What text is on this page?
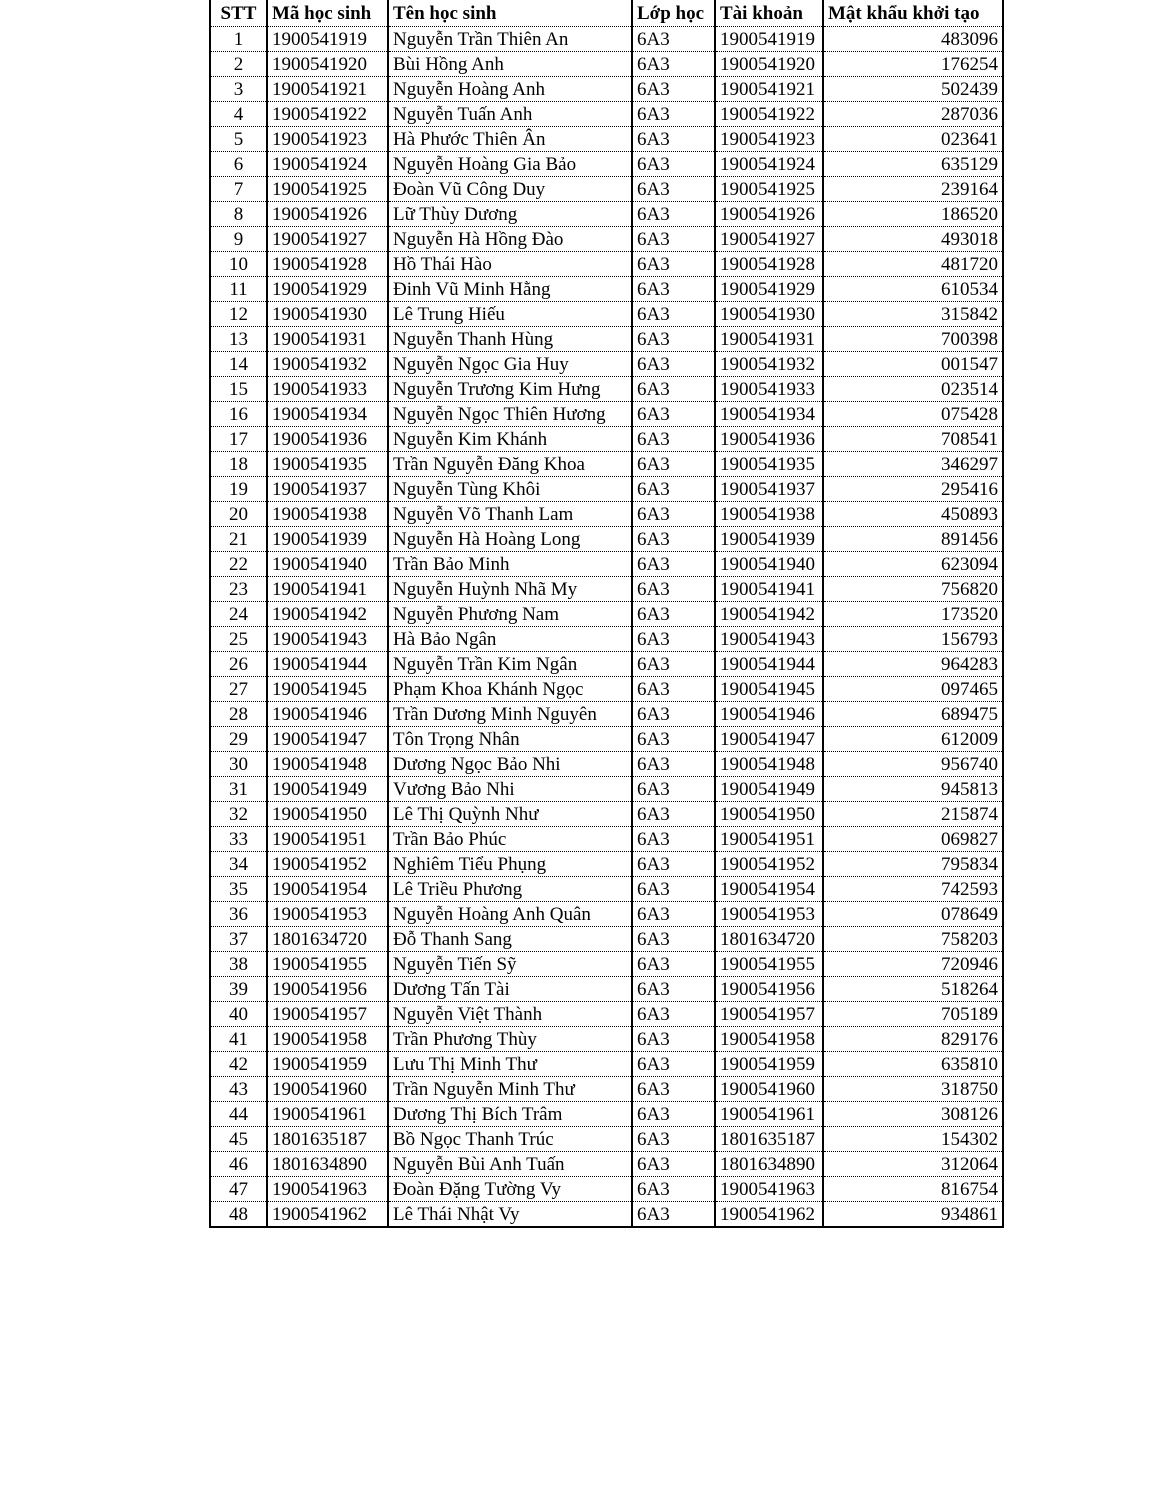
STT	Mã học sinh	Tên học sinh	Lớp học	Tài khoản	Mật khẩu khởi tạo
1	1900541919	Nguyễn Trần Thiên An	6A3	1900541919	483096
2	1900541920	Bùi Hồng Anh	6A3	1900541920	176254
3	1900541921	Nguyễn Hoàng Anh	6A3	1900541921	502439
4	1900541922	Nguyễn Tuấn Anh	6A3	1900541922	287036
5	1900541923	Hà Phước Thiên Ân	6A3	1900541923	023641
6	1900541924	Nguyễn Hoàng Gia Bảo	6A3	1900541924	635129
7	1900541925	Đoàn Vũ Công Duy	6A3	1900541925	239164
8	1900541926	Lữ Thùy Dương	6A3	1900541926	186520
9	1900541927	Nguyễn Hà Hồng Đào	6A3	1900541927	493018
10	1900541928	Hồ Thái Hào	6A3	1900541928	481720
11	1900541929	Đinh Vũ Minh Hằng	6A3	1900541929	610534
12	1900541930	Lê Trung Hiếu	6A3	1900541930	315842
13	1900541931	Nguyễn Thanh Hùng	6A3	1900541931	700398
14	1900541932	Nguyễn Ngọc Gia Huy	6A3	1900541932	001547
15	1900541933	Nguyễn Trương Kim Hưng	6A3	1900541933	023514
16	1900541934	Nguyễn Ngọc Thiên Hương	6A3	1900541934	075428
17	1900541936	Nguyễn Kim Khánh	6A3	1900541936	708541
18	1900541935	Trần Nguyễn Đăng Khoa	6A3	1900541935	346297
19	1900541937	Nguyễn Tùng Khôi	6A3	1900541937	295416
20	1900541938	Nguyễn Võ Thanh Lam	6A3	1900541938	450893
21	1900541939	Nguyễn Hà Hoàng Long	6A3	1900541939	891456
22	1900541940	Trần Bảo Minh	6A3	1900541940	623094
23	1900541941	Nguyễn Huỳnh Nhã My	6A3	1900541941	756820
24	1900541942	Nguyễn Phương Nam	6A3	1900541942	173520
25	1900541943	Hà Bảo Ngân	6A3	1900541943	156793
26	1900541944	Nguyễn Trần Kim Ngân	6A3	1900541944	964283
27	1900541945	Phạm Khoa Khánh Ngọc	6A3	1900541945	097465
28	1900541946	Trần Dương Minh Nguyên	6A3	1900541946	689475
29	1900541947	Tôn Trọng Nhân	6A3	1900541947	612009
30	1900541948	Dương Ngọc Bảo Nhi	6A3	1900541948	956740
31	1900541949	Vương Bảo Nhi	6A3	1900541949	945813
32	1900541950	Lê Thị Quỳnh Như	6A3	1900541950	215874
33	1900541951	Trần Bảo Phúc	6A3	1900541951	069827
34	1900541952	Nghiêm Tiểu Phụng	6A3	1900541952	795834
35	1900541954	Lê Triều Phương	6A3	1900541954	742593
36	1900541953	Nguyễn Hoàng Anh Quân	6A3	1900541953	078649
37	1801634720	Đỗ Thanh Sang	6A3	1801634720	758203
38	1900541955	Nguyễn Tiến Sỹ	6A3	1900541955	720946
39	1900541956	Dương Tấn Tài	6A3	1900541956	518264
40	1900541957	Nguyễn Việt Thành	6A3	1900541957	705189
41	1900541958	Trần Phương Thùy	6A3	1900541958	829176
42	1900541959	Lưu Thị Minh Thư	6A3	1900541959	635810
43	1900541960	Trần Nguyễn Minh Thư	6A3	1900541960	318750
44	1900541961	Dương Thị Bích Trâm	6A3	1900541961	308126
45	1801635187	Bồ Ngọc Thanh Trúc	6A3	1801635187	154302
46	1801634890	Nguyễn Bùi Anh Tuấn	6A3	1801634890	312064
47	1900541963	Đoàn Đặng Tường Vy	6A3	1900541963	816754
48	1900541962	Lê Thái Nhật Vy	6A3	1900541962	934861
